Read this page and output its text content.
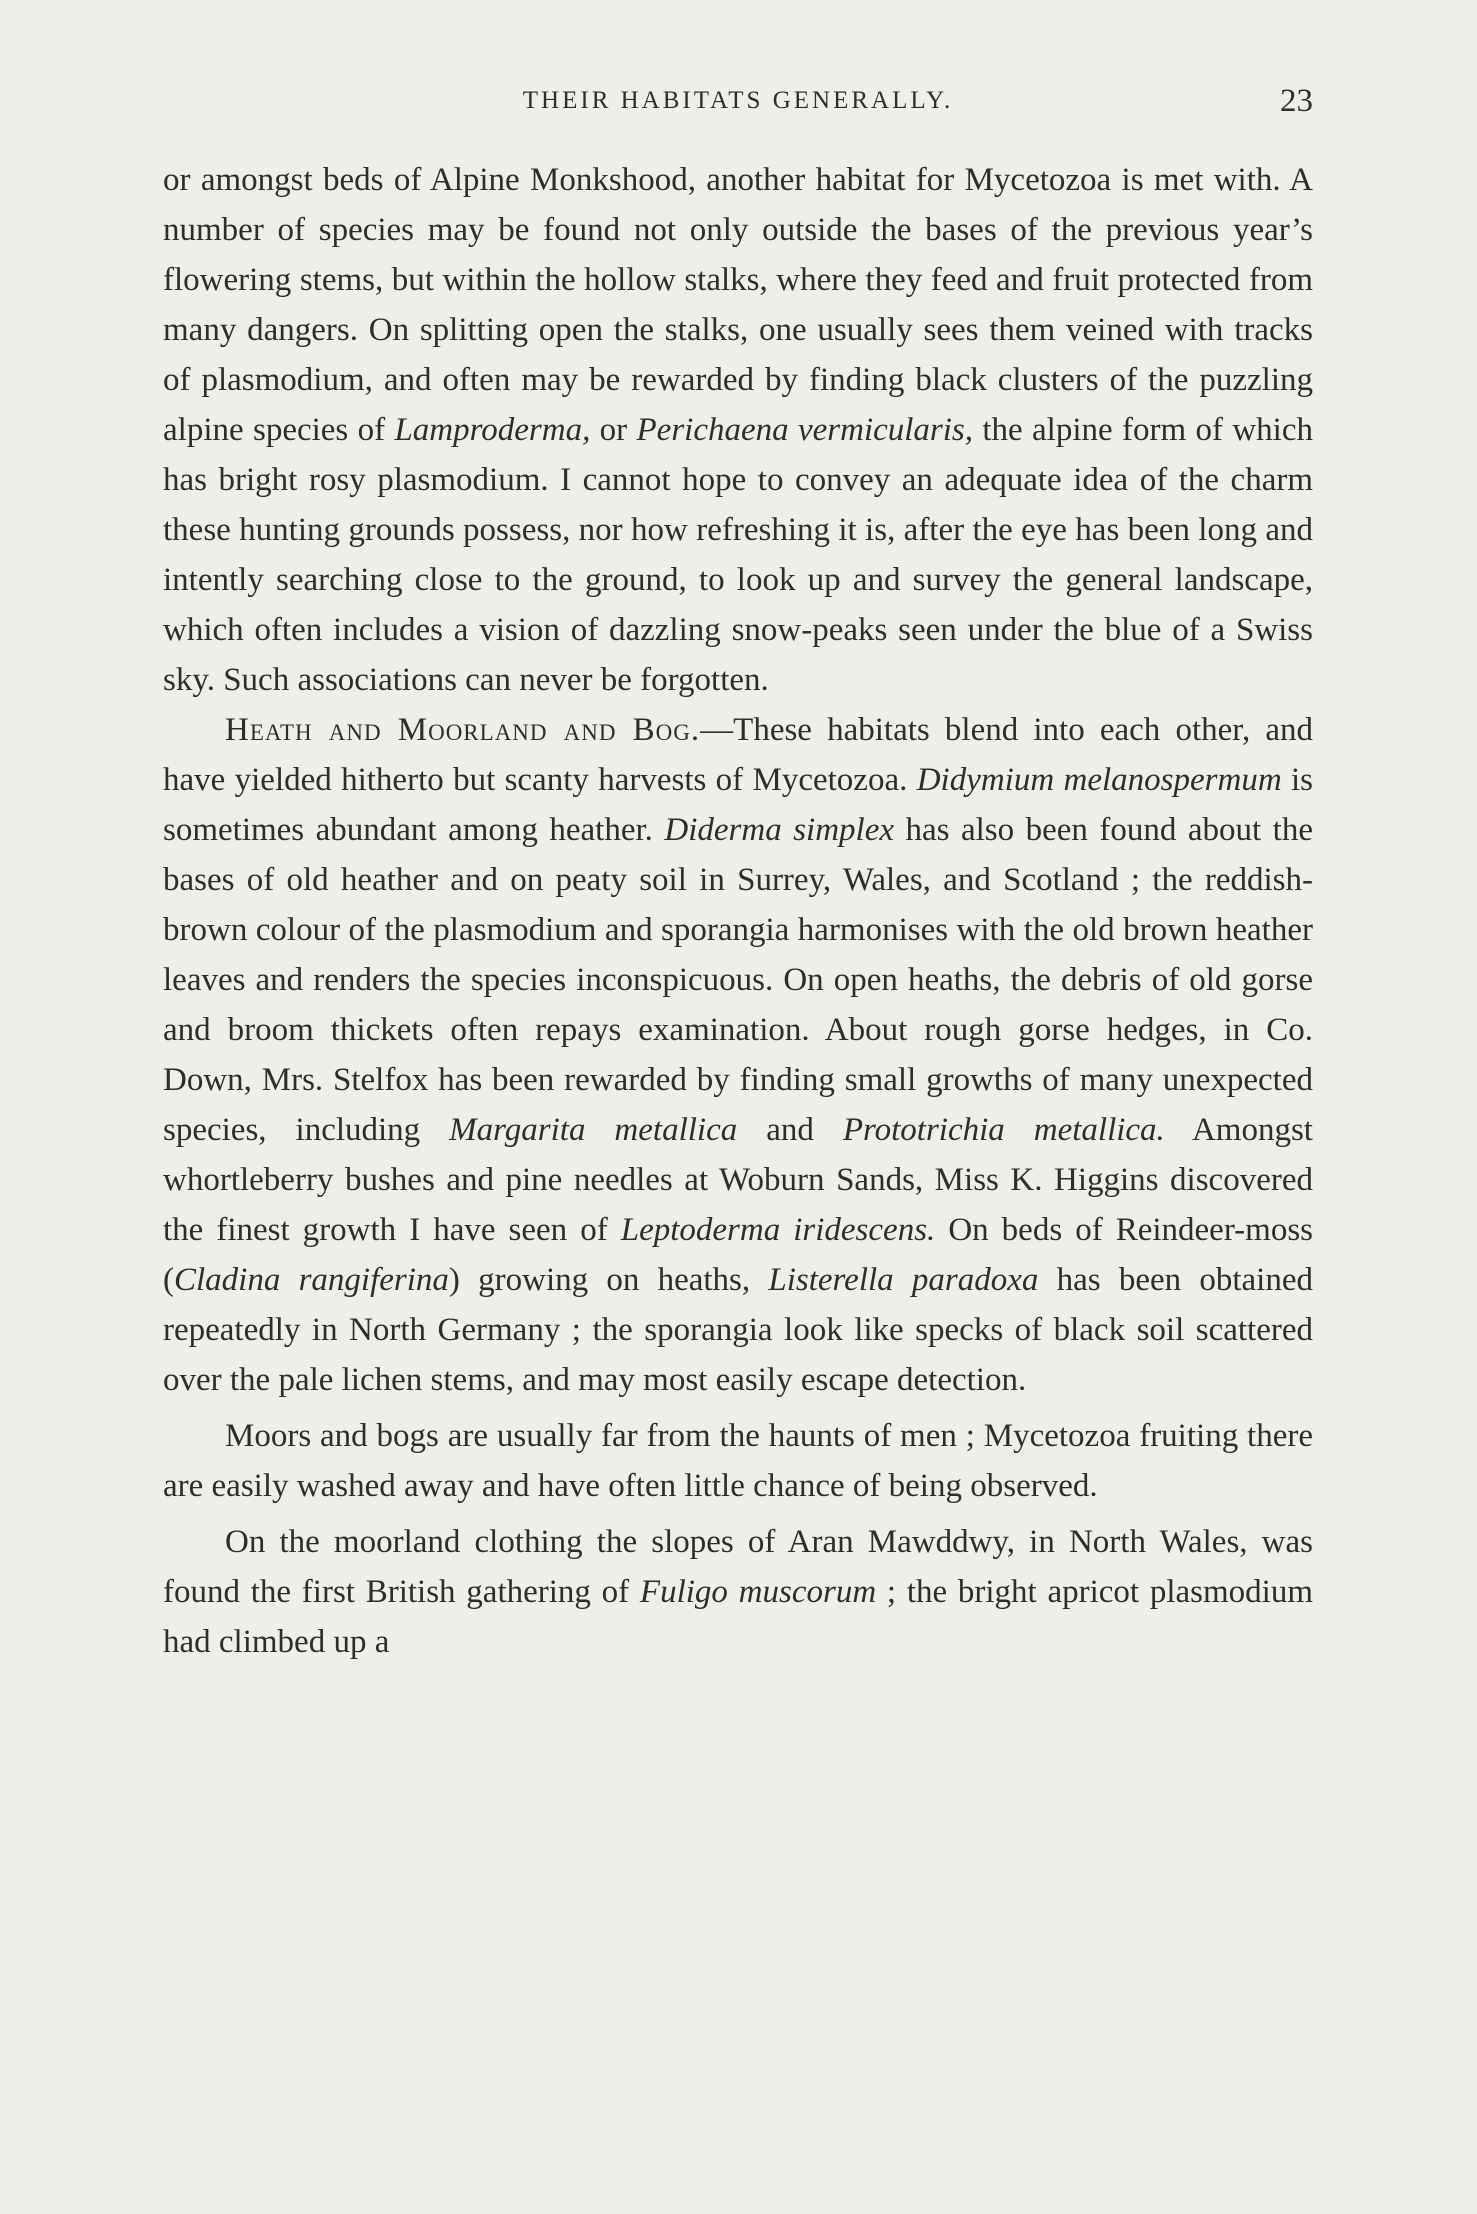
THEIR HABITATS GENERALLY.	23

or amongst beds of Alpine Monkshood, another habitat for Mycetozoa is met with. A number of species may be found not only outside the bases of the previous year’s flowering stems, but within the hollow stalks, where they feed and fruit protected from many dangers. On splitting open the stalks, one usually sees them veined with tracks of plasmodium, and often may be rewarded by finding black clusters of the puzzling alpine species of Lamproderma, or Perichaena vermicularis, the alpine form of which has bright rosy plasmodium. I cannot hope to convey an adequate idea of the charm these hunting grounds possess, nor how refreshing it is, after the eye has been long and intently searching close to the ground, to look up and survey the general landscape, which often includes a vision of dazzling snow-peaks seen under the blue of a Swiss sky. Such associations can never be forgotten.

Heath and Moorland and Bog.—These habitats blend into each other, and have yielded hitherto but scanty harvests of Mycetozoa. Didymium melanospermum is sometimes abundant among heather. Diderma simplex has also been found about the bases of old heather and on peaty soil in Surrey, Wales, and Scotland ; the reddish-brown colour of the plasmodium and sporangia harmonises with the old brown heather leaves and renders the species inconspicuous. On open heaths, the debris of old gorse and broom thickets often repays examination. About rough gorse hedges, in Co. Down, Mrs. Stelfox has been rewarded by finding small growths of many unexpected species, including Margarita metallica and Prototrichia metallica. Amongst whortleberry bushes and pine needles at Woburn Sands, Miss K. Higgins discovered the finest growth I have seen of Leptoderma iridescens. On beds of Reindeer-moss (Cladina rangiferina) growing on heaths, Listerella paradoxa has been obtained repeatedly in North Germany ; the sporangia look like specks of black soil scattered over the pale lichen stems, and may most easily escape detection.

Moors and bogs are usually far from the haunts of men ; Mycetozoa fruiting there are easily washed away and have often little chance of being observed.

On the moorland clothing the slopes of Aran Mawddwy, in North Wales, was found the first British gathering of Fuligo muscorum ; the bright apricot plasmodium had climbed up a
